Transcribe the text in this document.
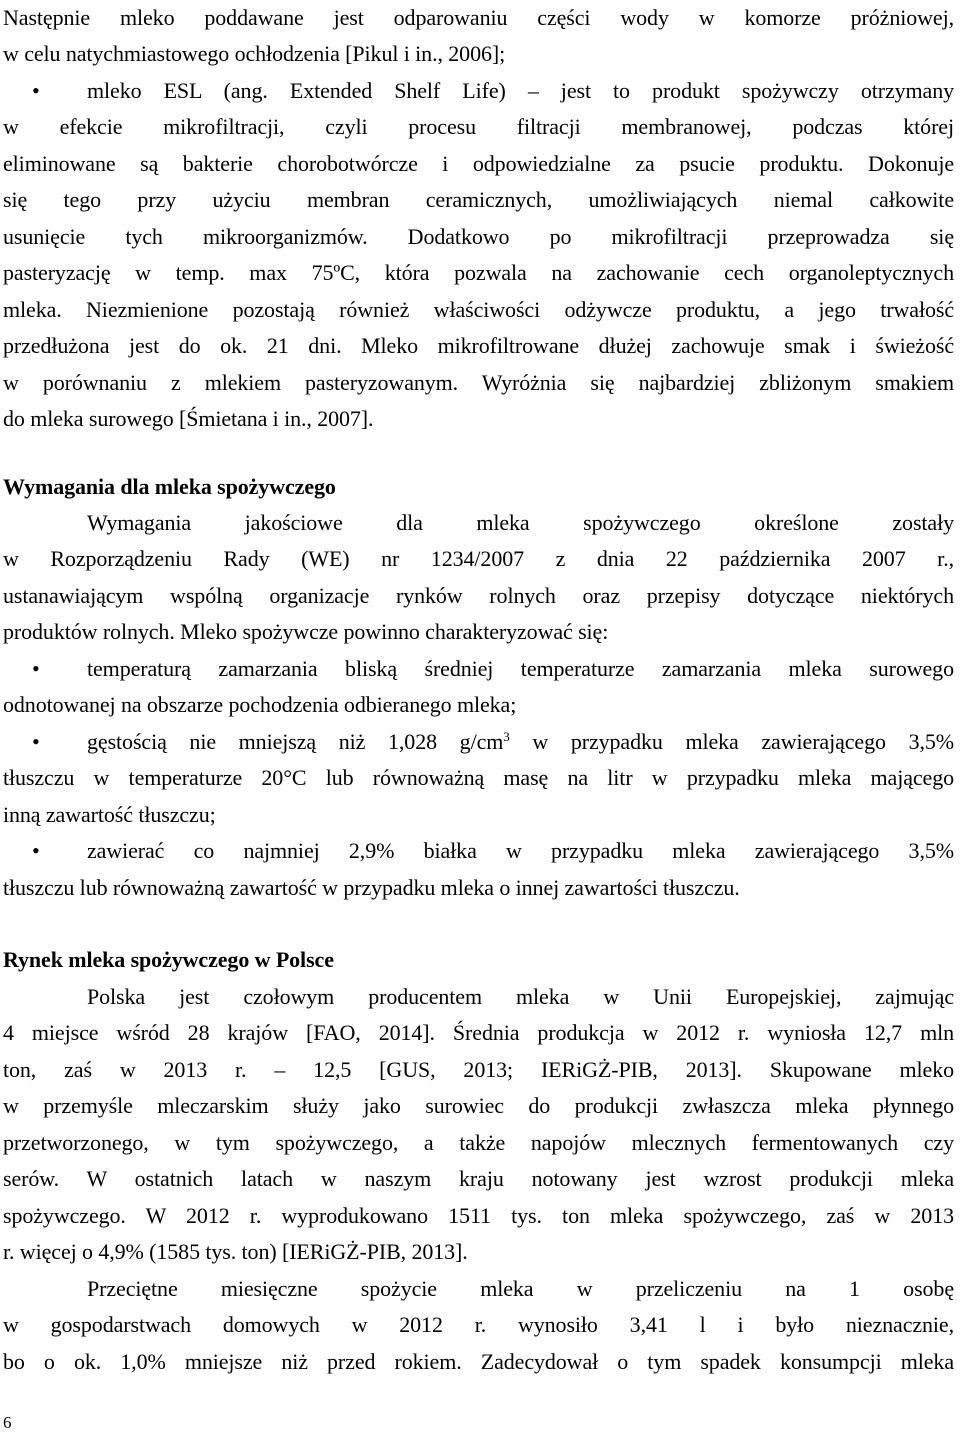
Następnie mleko poddawane jest odparowaniu części wody w komorze próżniowej,
w celu natychmiastowego ochłodzenia [Pikul i in., 2006];
• mleko ESL (ang. Extended Shelf Life) – jest to produkt spożywczy otrzymany
w efekcie mikrofiltracji, czyli procesu filtracji membranowej, podczas której
eliminowane są bakterie chorobotwórcze i odpowiedzialne za psucie produktu. Dokonuje
się tego przy użyciu membran ceramicznych, umożliwiających niemal całkowite
usunięcie tych mikroorganizmów. Dodatkowo po mikrofiltracji przeprowadza się
pasteryzację w temp. max 75ºC, która pozwala na zachowanie cech organoleptycznych
mleka. Niezmienione pozostają również właściwości odżywcze produktu, a jego trwałość
przedłużona jest do ok. 21 dni. Mleko mikrofiltrowane dłużej zachowuje smak i świeżość
w porównaniu z mlekiem pasteryzowanym. Wyróżnia się najbardziej zbliżonym smakiem
do mleka surowego [Śmietana i in., 2007].
Wymagania dla mleka spożywczego
Wymagania jakościowe dla mleka spożywczego określone zostały
w Rozporządzeniu Rady (WE) nr 1234/2007 z dnia 22 października 2007 r.,
ustanawiającym wspólną organizacje rynków rolnych oraz przepisy dotyczące niektórych
produktów rolnych. Mleko spożywcze powinno charakteryzować się:
• temperaturą zamarzania bliską średniej temperaturze zamarzania mleka surowego
odnotowanej na obszarze pochodzenia odbieranego mleka;
• gęstością nie mniejszą niż 1,028 $g/cm^3$ w przypadku mleka zawierającego 3,5%
tłuszczu w temperaturze 20°C lub równoważną masę na litr w przypadku mleka mającego
inną zawartość tłuszczu;
• zawierać co najmniej 2,9% białka w przypadku mleka zawierającego 3,5%
tłuszczu lub równoważną zawartość w przypadku mleka o innej zawartości tłuszczu.
Rynek mleka spożywczego w Polsce
Polska jest czołowym producentem mleka w Unii Europejskiej, zajmując
4 miejsce wśród 28 krajów [FAO, 2014]. Średnia produkcja w 2012 r. wyniosła 12,7 mln
ton, zaś w 2013 r. – 12,5 [GUS, 2013; IERiGŻ-PIB, 2013]. Skupowane mleko
w przemyśle mleczarskim służy jako surowiec do produkcji zwłaszcza mleka płynnego
przetworzonego, w tym spożywczego, a także napojów mlecznych fermentowanych czy
serów. W ostatnich latach w naszym kraju notowany jest wzrost produkcji mleka
spożywczego. W 2012 r. wyprodukowano 1511 tys. ton mleka spożywczego, zaś w 2013
r. więcej o 4,9% (1585 tys. ton) [IERiGŻ-PIB, 2013].
Przeciętne miesięczne spożycie mleka w przeliczeniu na 1 osobę
w gospodarstwach domowych w 2012 r. wynosiło 3,41 l i było nieznacznie,
bo o ok. 1,0% mniejsze niż przed rokiem. Zadecydował o tym spadek konsumpcji mleka
6
